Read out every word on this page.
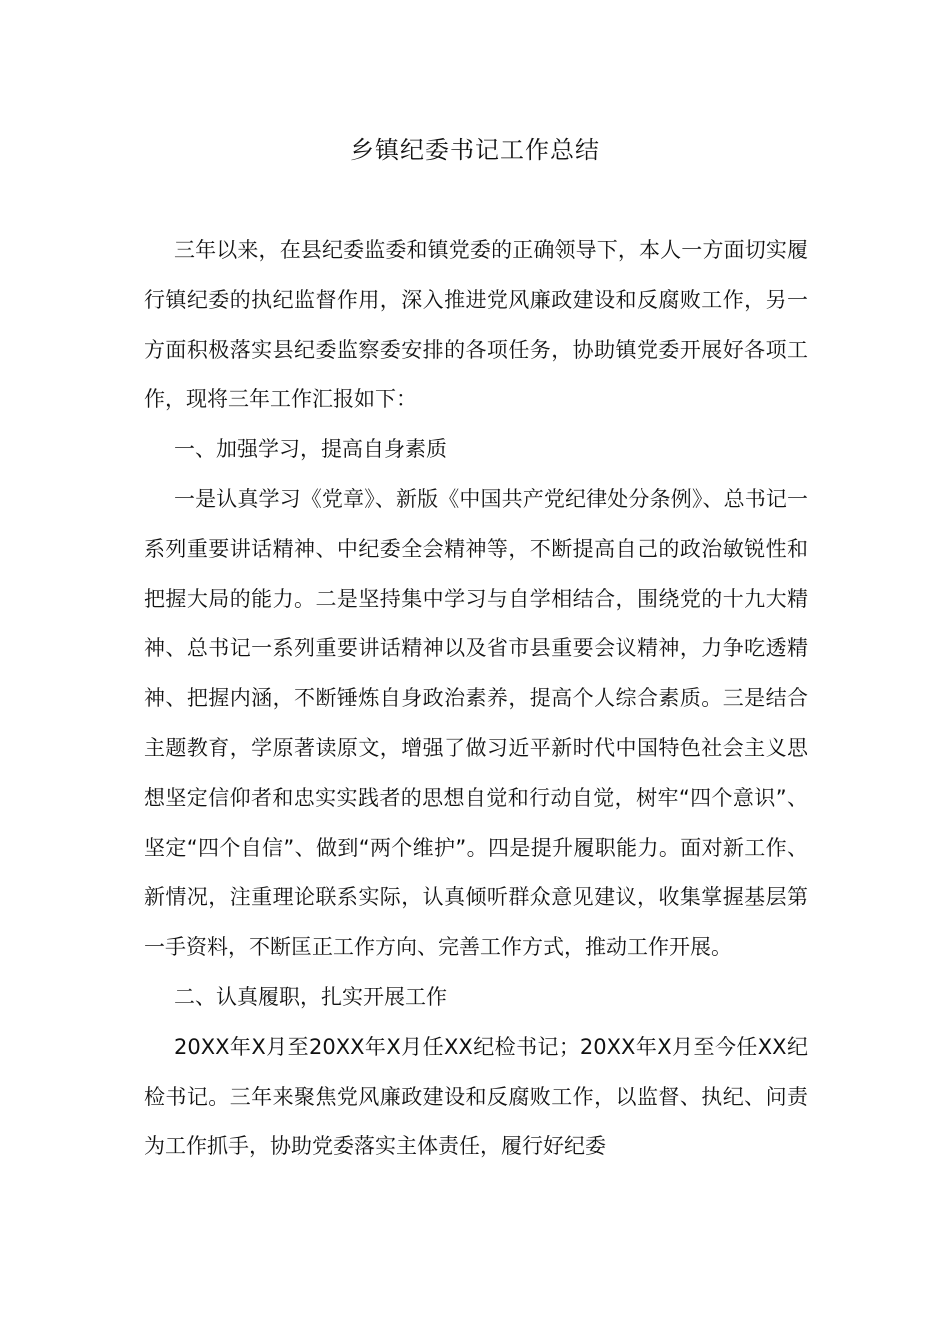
乡镇纪委书记工作总结

三年以来，在县纪委监委和镇党委的正确领导下，本人一方面切实履行镇纪委的执纪监督作用，深入推进党风廉政建设和反腐败工作，另一方面积极落实县纪委监察委安排的各项任务，协助镇党委开展好各项工作，现将三年工作汇报如下：

一、加强学习，提高自身素质

一是认真学习《党章》、新版《中国共产党纪律处分条例》、总书记一系列重要讲话精神、中纪委全会精神等，不断提高自己的政治敏锐性和把握大局的能力。二是坚持集中学习与自学相结合，围绕党的十九大精神、总书记一系列重要讲话精神以及省市县重要会议精神，力争吃透精神、把握内涵，不断锤炼自身政治素养，提高个人综合素质。三是结合主题教育，学原著读原文，增强了做习近平新时代中国特色社会主义思想坚定信仰者和忠实实践者的思想自觉和行动自觉，树牢“四个意识”、坚定“四个自信”、做到“两个维护”。四是提升履职能力。面对新工作、新情况，注重理论联系实际，认真倾听群众意见建议，收集掌握基层第一手资料，不断匡正工作方向、完善工作方式，推动工作开展。

二、认真履职，扎实开展工作

20XX年X月至20XX年X月任XX纪检书记；20XX年X月至今任XX纪检书记。三年来聚焦党风廉政建设和反腐败工作，以监督、执纪、问责为工作抓手，协助党委落实主体责任，履行好纪委
